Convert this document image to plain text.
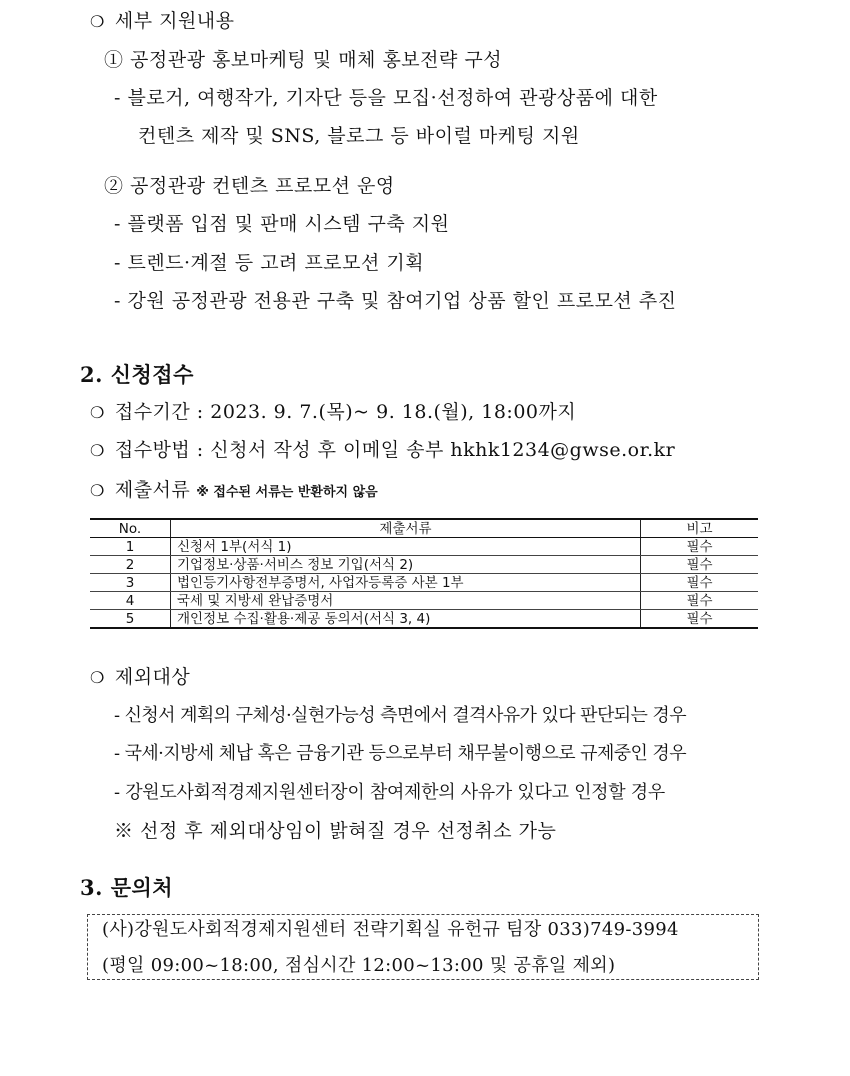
❍ 세부 지원내용
① 공정관광 홍보마케팅 및 매체 홍보전략 구성
- 블로거, 여행작가, 기자단 등을 모집·선정하여 관광상품에 대한
컨텐츠 제작 및 SNS, 블로그 등 바이럴 마케팅 지원
② 공정관광 컨텐츠 프로모션 운영
- 플랫폼 입점 및 판매 시스템 구축 지원
- 트렌드·계절 등 고려 프로모션 기획
- 강원 공정관광 전용관 구축 및 참여기업 상품 할인 프로모션 추진
2. 신청접수
❍ 접수기간 : 2023. 9. 7.(목)~ 9. 18.(월), 18:00까지
❍ 접수방법 : 신청서 작성 후 이메일 송부 hkhk1234@gwse.or.kr
❍ 제출서류 ※ 접수된 서류는 반환하지 않음
No.	제출서류	비고
1	신청서 1부(서식 1)	필수
2	기업정보·상품·서비스 정보 기입(서식 2)	필수
3	법인등기사항전부증명서, 사업자등록증 사본 1부	필수
4	국세 및 지방세 완납증명서	필수
5	개인정보 수집·활용·제공 동의서(서식 3, 4)	필수
❍ 제외대상
- 신청서 계획의 구체성·실현가능성 측면에서 결격사유가 있다 판단되는 경우
- 국세·지방세 체납 혹은 금융기관 등으로부터 채무불이행으로 규제중인 경우
- 강원도사회적경제지원센터장이 참여제한의 사유가 있다고 인정할 경우
※ 선정 후 제외대상임이 밝혀질 경우 선정취소 가능
3. 문의처
(사)강원도사회적경제지원센터 전략기획실 유헌규 팀장 033)749-3994
(평일 09:00~18:00, 점심시간 12:00~13:00 및 공휴일 제외)
